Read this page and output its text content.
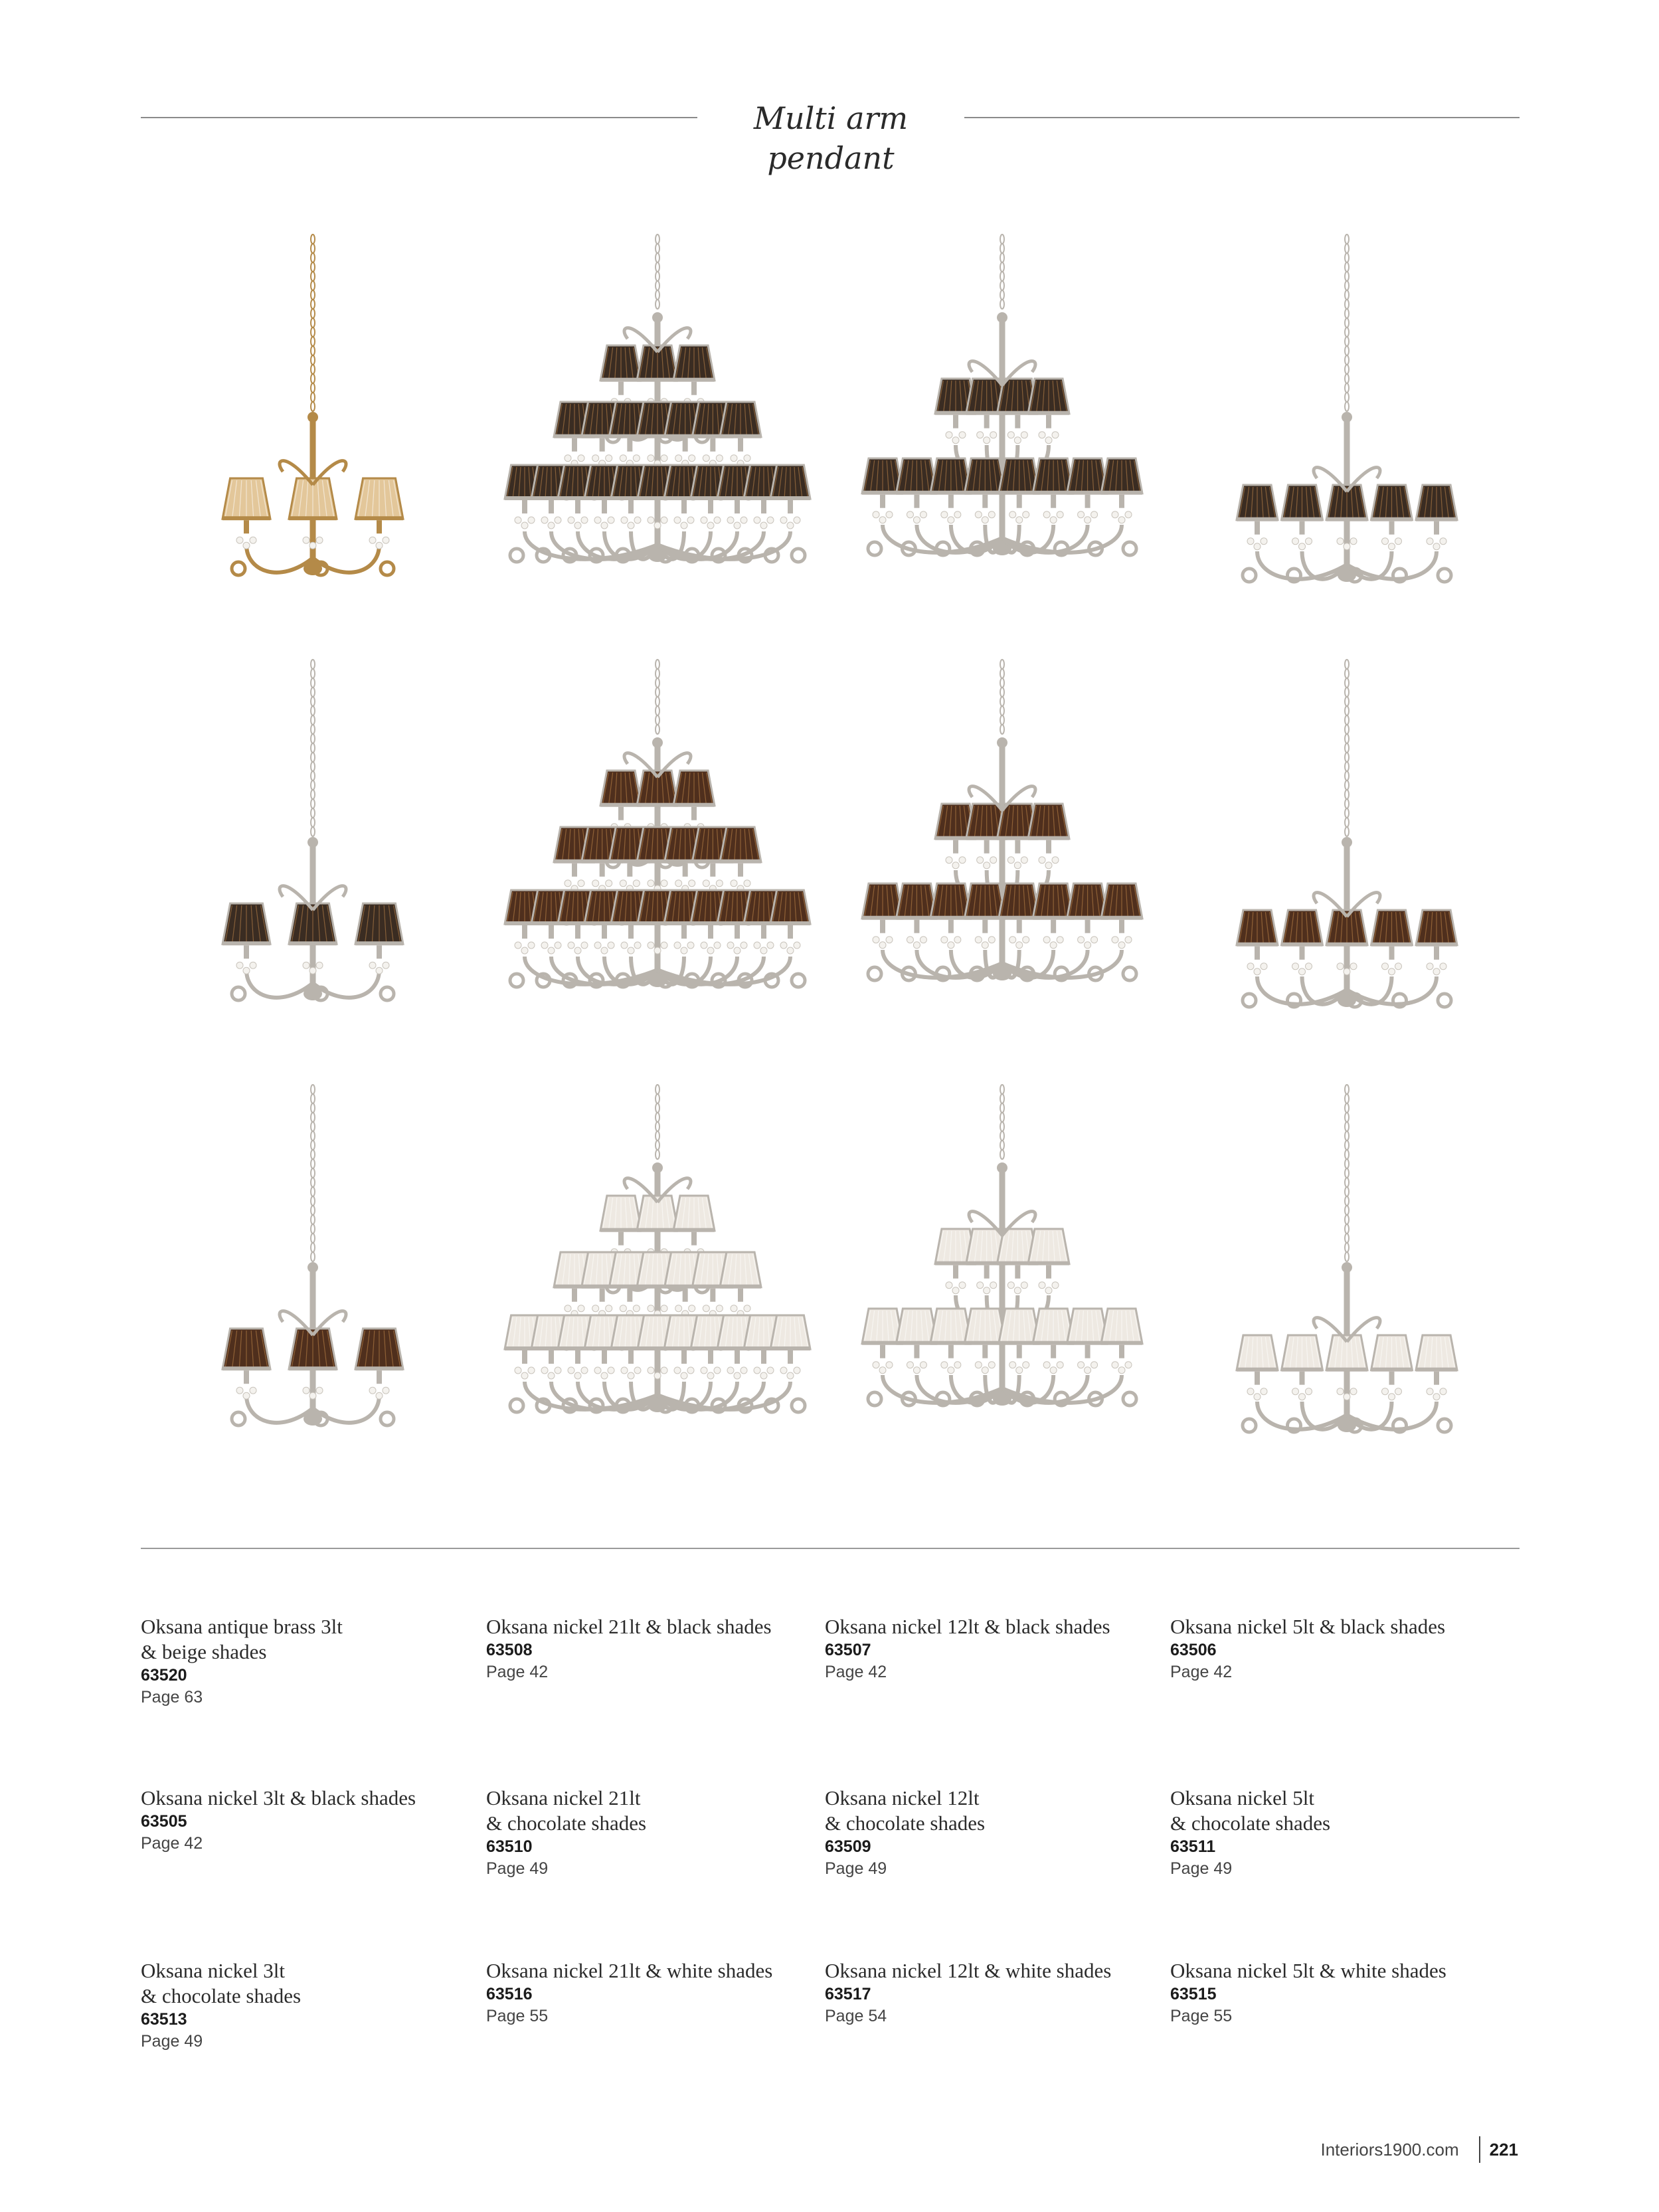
Multi arm pendant
Oksana antique brass 3lt
& beige shades
63520
Page 63
Oksana nickel 21lt & black shades
63508
Page 42
Oksana nickel 12lt & black shades
63507
Page 42
Oksana nickel 5lt & black shades
63506
Page 42
Oksana nickel 3lt & black shades
63505
Page 42
Oksana nickel 21lt
& chocolate shades
63510
Page 49
Oksana nickel 12lt
& chocolate shades
63509
Page 49
Oksana nickel 5lt
& chocolate shades
63511
Page 49
Oksana nickel 3lt
& chocolate shades
63513
Page 49
Oksana nickel 21lt & white shades
63516
Page 55
Oksana nickel 12lt & white shades
63517
Page 54
Oksana nickel 5lt & white shades
63515
Page 55
Interiors1900.com 221
